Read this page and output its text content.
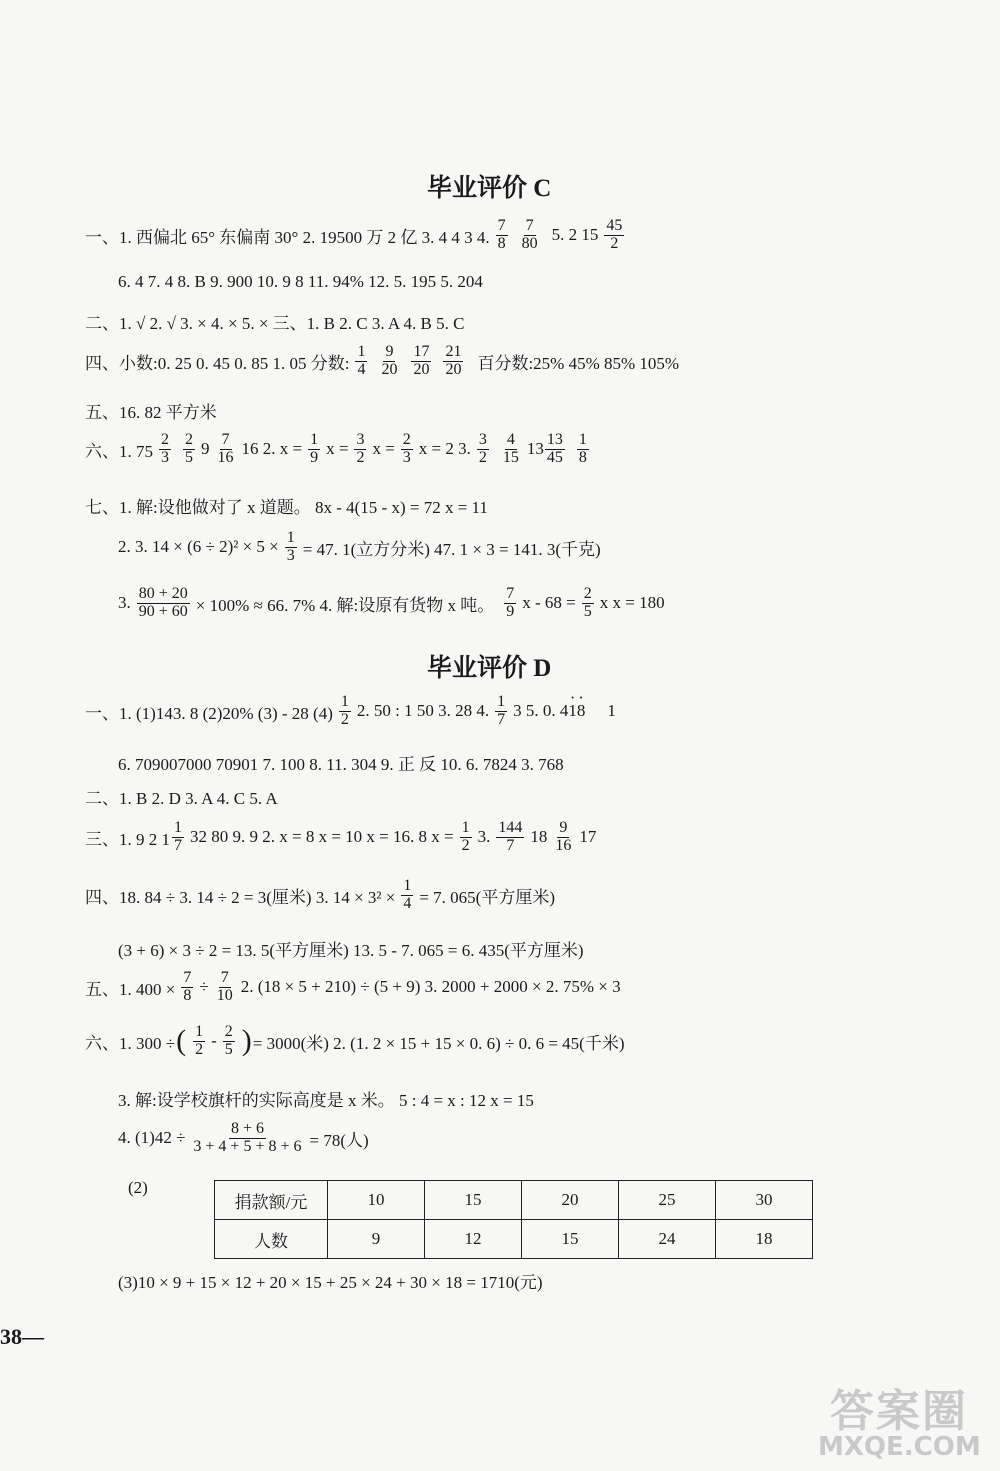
毕业评价 C
一、1. 西偏北 65° 东偏南 30° 2. 19500 万 2 亿 3. 4 4 3 4. $\frac{7}{8} \frac{7}{80} 5$. 2 $15 \frac{45}{2}$
6. 4 7. 4 8. B 9. 900 10. 9 8 11. 94% 12. 5. 195 5. 204
二、1. √ 2. √ 3. × 4. × 5. × 三、1. B 2. C 3. A 4. B 5. C
四、小数:0. 25 0. 45 0. 85 1. 05 分数: $\frac{1}{4} \frac{9}{20} \frac{17}{20} \frac{21}{20}$ 百分数:25% 45% 85% 105%
五、16. 82 平方米
六、1. $75 \frac{2}{3} \frac{2}{5} 9 \frac{7}{16} 16$ 2. $x = \frac{1}{9}$ $x = \frac{3}{2}$ $x = \frac{2}{3}$ x = 2 3. $\frac{3}{2} \frac{4}{15} 13 \frac{13}{45} \frac{1}{8}$
七、1. 解:设他做对了 x 道题。 8x - 4(15 - x) = 72 x = 11
2. 3. $14 \times (6 \div 2)^2 \times 5 \times \frac{1}{3} = 47$. 1(立方分米) 47. 1 × 3 = 141. 3(千克)
3. $\frac{80 + 20}{90 + 60} \times 100\% \approx 66$. 7% 4. 解:设原有货物 x 吨。 $\frac{7}{9}$ $x - 68 = \frac{2}{5}$ x x = 180
毕业评价 D
一、1. (1)143. 8 (2)20% (3) - 28 $(4) \frac{1}{2} 2$. 50 : 1 50 3. 28 4. $\frac{1}{7} 3$ 5. 0. 4 · 1 · 8 1
6. 709007000 70901 7. 100 8. 11. 304 9. 正 反 10. 6. 7824 3. 768
二、1. B 2. D 3. A 4. C 5. A
三、1. 9 2 $1 \frac{1}{7} 32$ 80 9. 9 2. x = 8 x = 10 x = 16. 8 $x = \frac{1}{2} 3$. $\frac{144}{7} 18 \frac{9}{16} 17$
四、18. 84 ÷ 3. 14 ÷ 2 = 3(厘米) 3. $14 \times 3^2 \times \frac{1}{4} = 7$. 065(平方厘米)
(3 + 6) × 3 ÷ 2 = 13. 5(平方厘米) 13. 5 - 7. 065 = 6. 435(平方厘米)
五、1. $400 \times \frac{7}{8} \div \frac{7}{10} 2$. (18 × 5 + 210) ÷ (5 + 9) 3. 2000 + 2000 × 2. 75% × 3
六、1. 300 ÷ ( $\frac{1}{2} - \frac{2}{5}$ ) = 3000(米) 2. (1. 2 × 15 + 15 × 0. 6) ÷ 0. 6 = 45(千米)
3. 解:设学校旗杆的实际高度是 x 米。 5 : 4 = x : 12 x = 15
4. $(1)42 \div \frac{8 + 6}{3 + 4 + 5 + 8 + 6} = 78$(人)
(2)
捐款额/元	10	15	20	25	30
人数	9	12	15	24	18
(3)10 × 9 + 15 × 12 + 20 × 15 + 25 × 24 + 30 × 18 = 1710(元)
38—
答案圈
MXQE.COM
